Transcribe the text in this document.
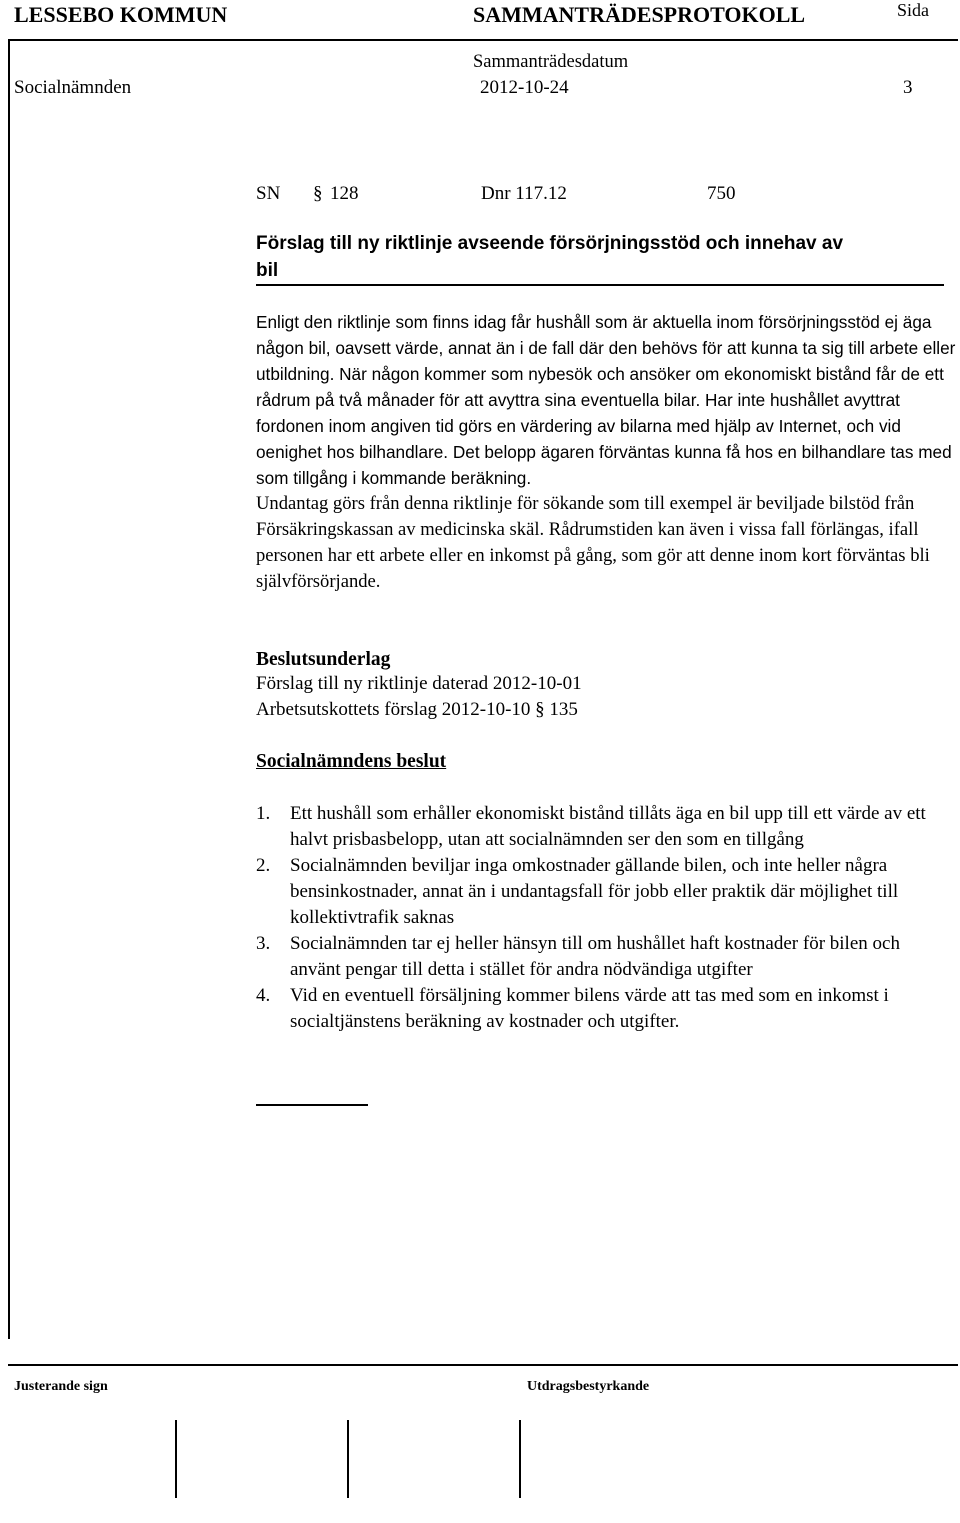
LESSEBO KOMMUN	SAMMANTRÄDESPROTOKOLL	Sida
Sammanträdesdatum
Socialnämnden	2012-10-24	3
SN § 128	Dnr 117.12	750
Förslag till ny riktlinje avseende försörjningsstöd och innehav av
bil

Enligt den riktlinje som finns idag får hushåll som är aktuella inom försörjningsstöd ej äga någon bil, oavsett värde, annat än i de fall där den behövs för att kunna ta sig till arbete eller utbildning. När någon kommer som nybesök och ansöker om ekonomiskt bistånd får de ett rådrum på två månader för att avyttra sina eventuella bilar. Har inte hushållet avyttrat fordonen inom angiven tid görs en värdering av bilarna med hjälp av Internet, och vid oenighet hos bilhandlare. Det belopp ägaren förväntas kunna få hos en bilhandlare tas med som tillgång i kommande beräkning.

Undantag görs från denna riktlinje för sökande som till exempel är beviljade bilstöd från Försäkringskassan av medicinska skäl. Rådrumstiden kan även i vissa fall förlängas, ifall personen har ett arbete eller en inkomst på gång, som gör att denne inom kort förväntas bli självförsörjande.

Beslutsunderlag
Förslag till ny riktlinje daterad 2012-10-01
Arbetsutskottets förslag 2012-10-10 § 135
Socialnämndens beslut
1. Ett hushåll som erhåller ekonomiskt bistånd tillåts äga en bil upp till ett värde av ett halvt prisbasbelopp, utan att socialnämnden ser den som en tillgång
2. Socialnämnden beviljar inga omkostnader gällande bilen, och inte heller några bensinkostnader, annat än i undantagsfall för jobb eller praktik där möjlighet till kollektivtrafik saknas
3. Socialnämnden tar ej heller hänsyn till om hushållet haft kostnader för bilen och använt pengar till detta i stället för andra nödvändiga utgifter
4. Vid en eventuell försäljning kommer bilens värde att tas med som en inkomst i socialtjänstens beräkning av kostnader och utgifter.
Justerande sign	Utdragsbestyrkande
